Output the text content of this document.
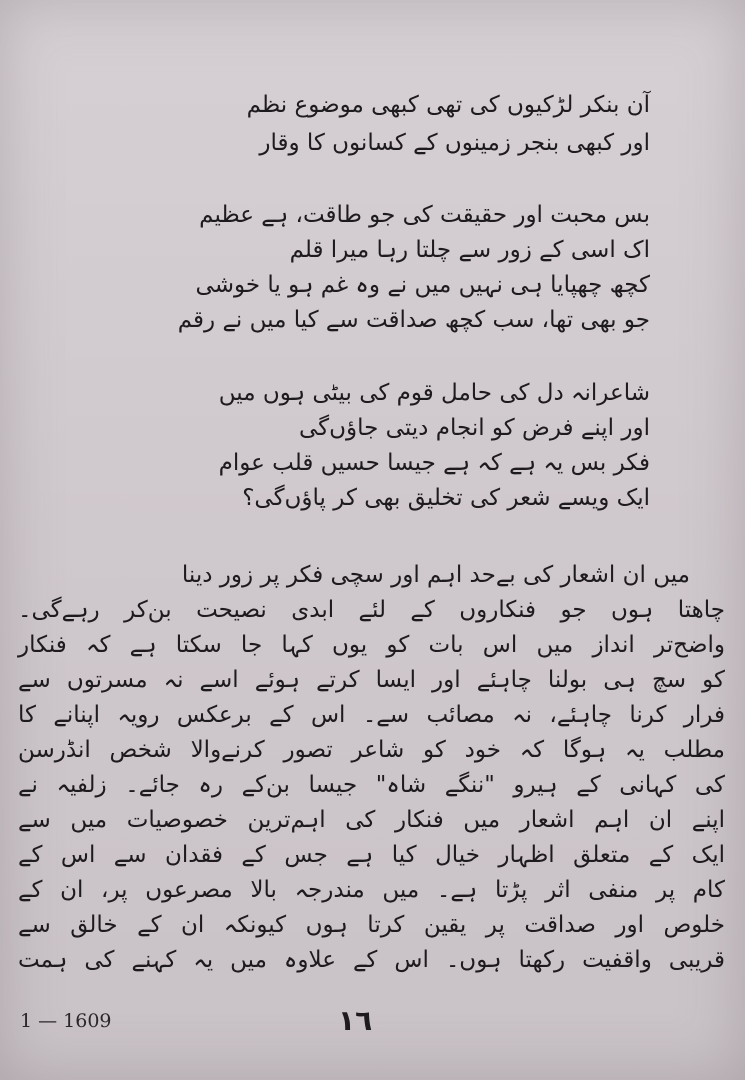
آن بنکر لڑکیوں کی تھی کبھی موضوع نظم
اور کبھی بنجر زمینوں کے کسانوں کا وقار
بس محبت اور حقیقت کی جو طاقت، ہے عظیم
اک اسی کے زور سے چلتا رہا میرا قلم
کچھ چھپایا ہی نہیں میں نے وہ غم ہو یا خوشی
جو بھی تھا، سب کچھ صداقت سے کیا میں نے رقم
شاعرانہ دل کی حامل قوم کی بیٹی ہوں میں
اور اپنے فرض کو انجام دیتی جاؤں‌گی
فکر بس یہ ہے کہ ہے جیسا حسیں قلب عوام
ایک ویسے شعر کی تخلیق بھی کر پاؤں‌گی؟
میں ان اشعار کی بےحد اہم اور سچی فکر پر زور دینا
چاهتا ہوں جو فنکاروں کے لئے ابدی نصیحت بن‌کر رہےگی۔
واضح‌تر انداز میں اس بات کو یوں کہا جا سکتا ہے کہ فنکار
کو سچ ہی بولنا چاہئے اور ایسا کرتے ہوئے اسے نہ مسرتوں سے
فرار کرنا چاہئے، نہ مصائب سے۔ اس کے برعکس رویہ اپنانے کا
مطلب یہ ہوگا کہ خود کو شاعر تصور کرنےوالا شخص انڈرسن
کی کہانی کے ہیرو "ننگے شاہ" جیسا بن‌کے رہ جائے۔ زلفیہ نے
اپنے ان اہم اشعار میں فنکار کی اہم‌ترین خصوصیات میں سے
ایک کے متعلق اظہار خیال کیا ہے جس کے فقدان سے اس کے
کام پر منفی اثر پڑتا ہے۔ میں مندرجہ بالا مصرعوں پر، ان کے
خلوص اور صداقت پر یقین کرتا ہوں کیونکہ ان کے خالق سے
قریبی واقفیت رکھتا ہوں۔ اس کے علاوہ میں یہ کہنے کی ہمت
1 — 1609	١٦
